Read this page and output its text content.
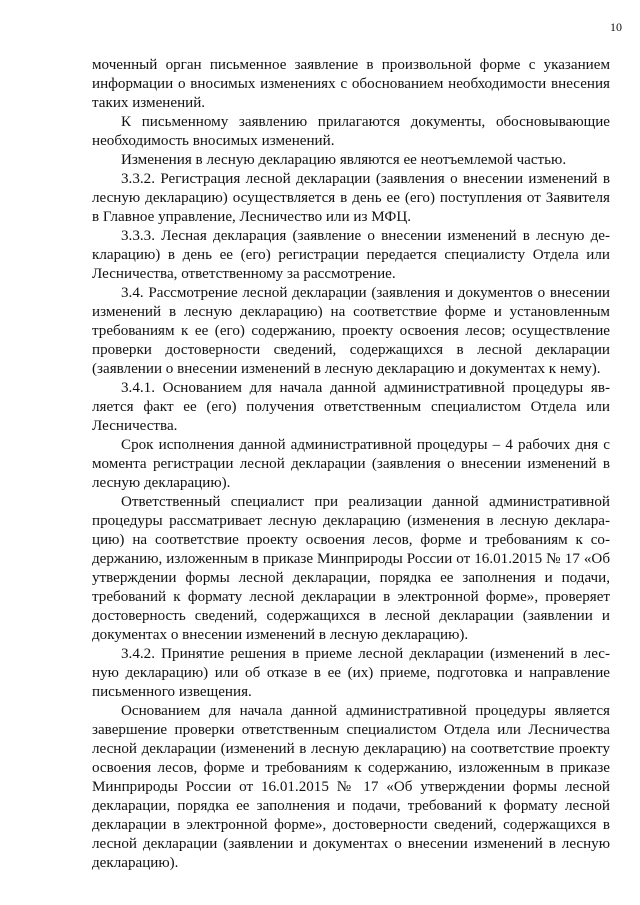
10

моченный орган письменное заявление в произвольной форме с указанием информации о вносимых изменениях с обоснованием необходимости внесения таких изменений.

К письменному заявлению прилагаются документы, обосновывающие необходимость вносимых изменений.

Изменения в лесную декларацию являются ее неотъемлемой частью.

3.3.2. Регистрация лесной декларации (заявления о внесении изменений в лесную декларацию) осуществляется в день ее (его) поступления от Заявителя в Главное управление, Лесничество или из МФЦ.

3.3.3. Лесная декларация (заявление о внесении изменений в лесную декларацию) в день ее (его) регистрации передается специалисту Отдела или Лесничества, ответственному за рассмотрение.

3.4. Рассмотрение лесной декларации (заявления и документов о внесении изменений в лесную декларацию) на соответствие форме и установленным требованиям к ее (его) содержанию, проекту освоения лесов; осуществление проверки достоверности сведений, содержащихся в лесной декларации (заявлении о внесении изменений в лесную декларацию и документах к нему).

3.4.1. Основанием для начала данной административной процедуры является факт ее (его) получения ответственным специалистом Отдела или Лесничества.

Срок исполнения данной административной процедуры – 4 рабочих дня с момента регистрации лесной декларации (заявления о внесении изменений в лесную декларацию).

Ответственный специалист при реализации данной административной процедуры рассматривает лесную декларацию (изменения в лесную декларацию) на соответствие проекту освоения лесов, форме и требованиям к содержанию, изложенным в приказе Минприроды России от 16.01.2015 № 17 «Об утверждении формы лесной декларации, порядка ее заполнения и подачи, требований к формату лесной декларации в электронной форме», проверяет достоверность сведений, содержащихся в лесной декларации (заявлении и документах о внесении изменений в лесную декларацию).

3.4.2. Принятие решения в приеме лесной декларации (изменений в лесную декларацию) или об отказе в ее (их) приеме, подготовка и направление письменного извещения.

Основанием для начала данной административной процедуры является завершение проверки ответственным специалистом Отдела или Лесничества лесной декларации (изменений в лесную декларацию) на соответствие проекту освоения лесов, форме и требованиям к содержанию, изложенным в приказе Минприроды России от 16.01.2015 № 17 «Об утверждении формы лесной декларации, порядка ее заполнения и подачи, требований к формату лесной декларации в электронной форме», достоверности сведений, содержащихся в лесной декларации (заявлении и документах о внесении изменений в лесную декларацию).
